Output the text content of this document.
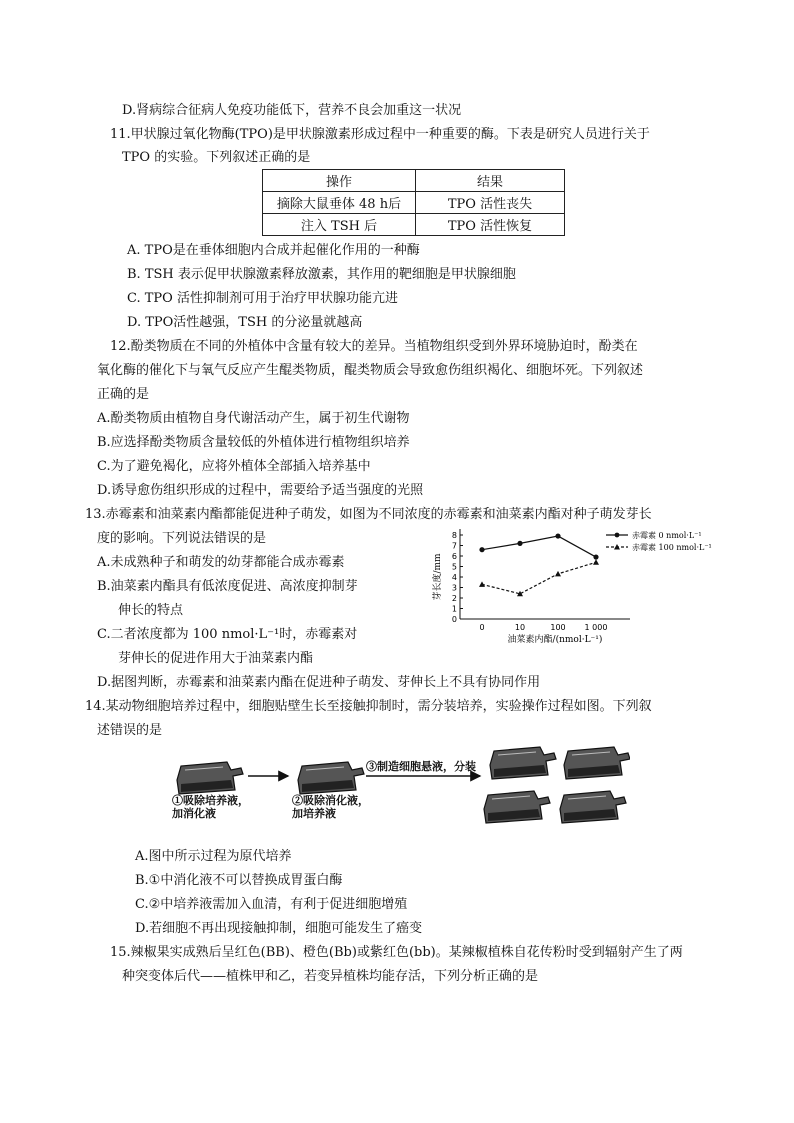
D.肾病综合征病人免疫功能低下，营养不良会加重这一状况
11.甲状腺过氧化物酶(TPO)是甲状腺激素形成过程中一种重要的酶。下表是研究人员进行关于
TPO 的实验。下列叙述正确的是
操作	结果
摘除大鼠垂体 48 h后	TPO 活性丧失
注入 TSH 后	TPO 活性恢复
A. TPO是在垂体细胞内合成并起催化作用的一种酶
B. TSH 表示促甲状腺激素释放激素，其作用的靶细胞是甲状腺细胞
C. TPO 活性抑制剂可用于治疗甲状腺功能亢进
D. TPO活性越强，TSH 的分泌量就越高
12.酚类物质在不同的外植体中含量有较大的差异。当植物组织受到外界环境胁迫时，酚类在
氧化酶的催化下与氧气反应产生醌类物质，醌类物质会导致愈伤组织褐化、细胞坏死。下列叙述
正确的是
A.酚类物质由植物自身代谢活动产生，属于初生代谢物
B.应选择酚类物质含量较低的外植体进行植物组织培养
C.为了避免褐化，应将外植体全部插入培养基中
D.诱导愈伤组织形成的过程中，需要给予适当强度的光照
13.赤霉素和油菜素内酯都能促进种子萌发，如图为不同浓度的赤霉素和油菜素内酯对种子萌发芽长
度的影响。下列说法错误的是
A.未成熟种子和萌发的幼芽都能合成赤霉素
B.油菜素内酯具有低浓度促进、高浓度抑制芽
伸长的特点
C.二者浓度都为 100 nmol·L⁻¹时，赤霉素对
芽伸长的促进作用大于油菜素内酯
D.据图判断，赤霉素和油菜素内酯在促进种子萌发、芽伸长上不具有协同作用
0
1
2
3
4
5
6
7
8
0	10	100 1 000
油菜素内酯/(nmol·L⁻¹)
芽长度/mm
赤霉素 0 nmol·L⁻¹
赤霉素 100 nmol·L⁻¹
14.某动物细胞培养过程中，细胞贴壁生长至接触抑制时，需分装培养，实验操作过程如图。下列叙
述错误的是
①吸除培养液，
加消化液
②吸除消化液，
加培养液
③制造细胞悬液，分装
A.图中所示过程为原代培养
B.①中消化液不可以替换成胃蛋白酶
C.②中培养液需加入血清，有利于促进细胞增殖
D.若细胞不再出现接触抑制，细胞可能发生了癌变
15.辣椒果实成熟后呈红色(BB)、橙色(Bb)或紫红色(bb)。某辣椒植株自花传粉时受到辐射产生了两
种突变体后代——植株甲和乙，若变异植株均能存活，下列分析正确的是
